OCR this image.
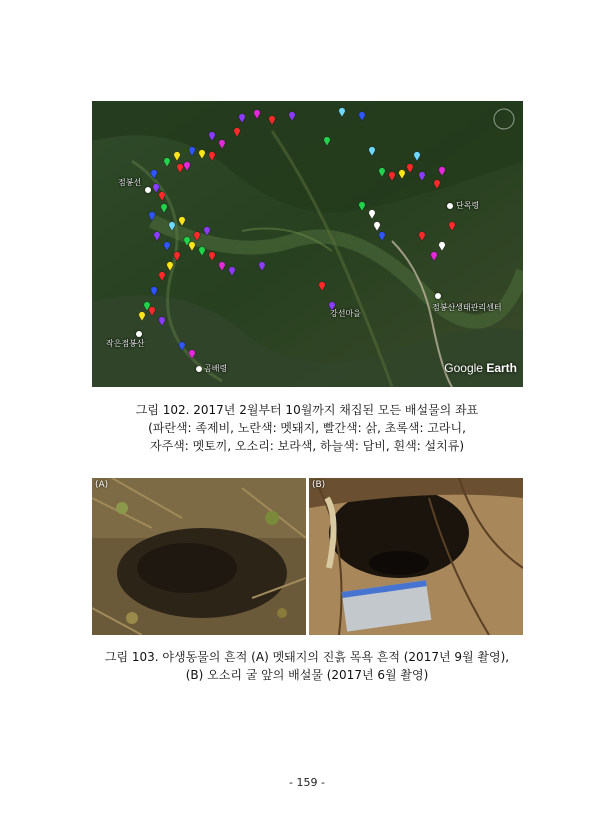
점봉선
단목령
점봉산생태관리센터
강선마을
작은점봉산
곰배령	Google Earth
그림 102. 2017년 2월부터 10월까지 채집된 모든 배설물의 좌표
(파란색: 족제비, 노란색: 멧돼지, 빨간색: 삵, 초록색: 고라니,
자주색: 멧토끼, 오소리: 보라색, 하늘색: 담비, 흰색: 설치류)
(A)	(B)
그림 103. 야생동물의 흔적 (A) 멧돼지의 진흙 목욕 흔적 (2017년 9월 촬영),
(B) 오소리 굴 앞의 배설물 (2017년 6월 촬영)
- 159 -
